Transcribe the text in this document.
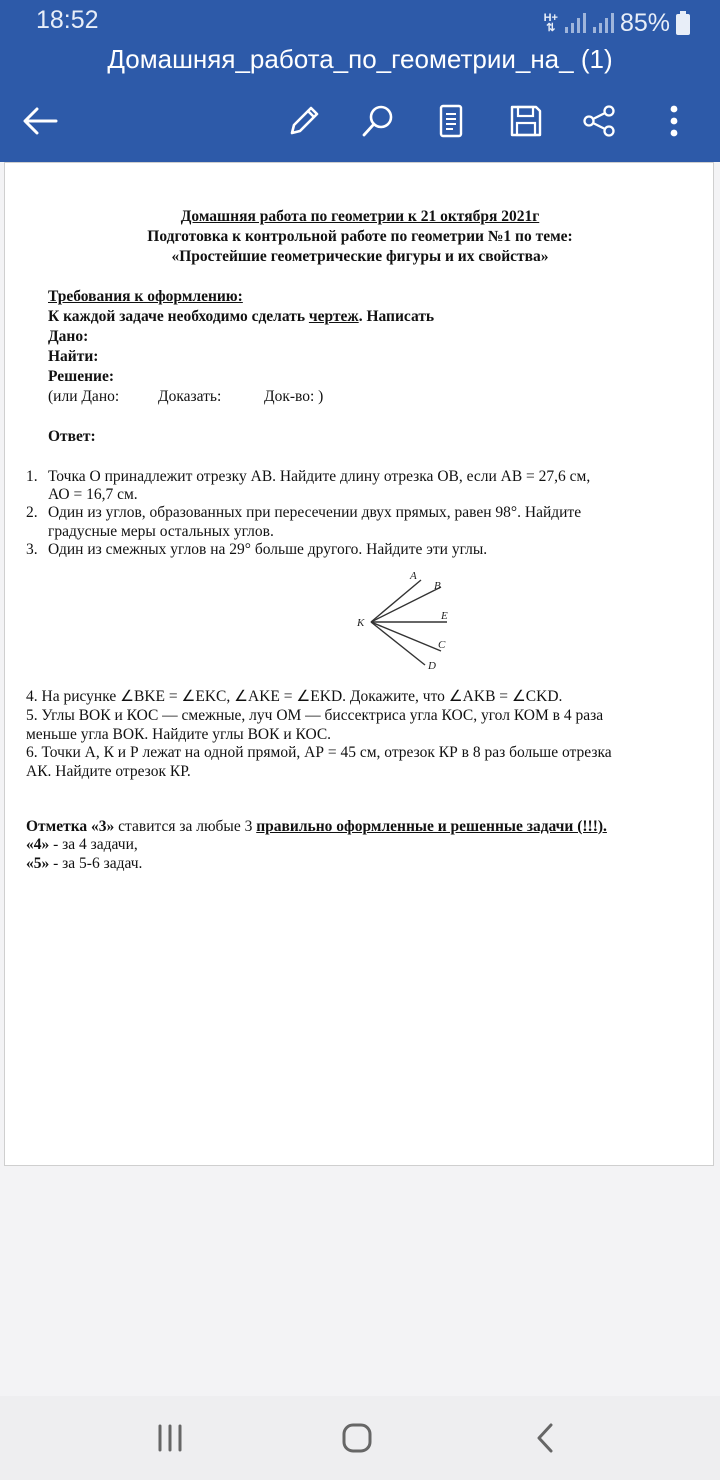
18:52	H+
⇅	85%
Домашняя_работа_по_геометрии_на_ (1)
Домашняя работа по геометрии к 21 октября 2021г
Подготовка к контрольной работе по геометрии №1 по теме:
«Простейшие геометрические фигуры и их свойства»
Требования к оформлению:
К каждой задаче необходимо сделать чертеж. Написать
Дано:
Найти:
Решение:
(или Дано:	Доказать:	Док-во: )
Ответ:
1. Точка О принадлежит отрезку АВ. Найдите длину отрезка ОВ, если АВ = 27,6 см,
АО = 16,7 см.
2. Один из углов, образованных при пересечении двух прямых, равен 98°. Найдите
градусные меры остальных углов.
3. Один из смежных углов на 29° больше другого. Найдите эти углы.
K
A
B
E
C
D
4. На рисунке ∠BKE = ∠EKC, ∠AKE = ∠EKD. Докажите, что ∠AKB = ∠CKD.
5. Углы ВОК и КОС — смежные, луч ОМ — биссектриса угла КОС, угол КОМ в 4 раза
меньше угла ВОК. Найдите углы ВОК и КОС.
6. Точки А, К и Р лежат на одной прямой, АР = 45 см, отрезок КР в 8 раз больше отрезка
АК. Найдите отрезок КР.
Отметка «3» ставится за любые 3 правильно оформленные и решенные задачи (!!!).
«4» - за 4 задачи,
«5» - за 5-6 задач.
